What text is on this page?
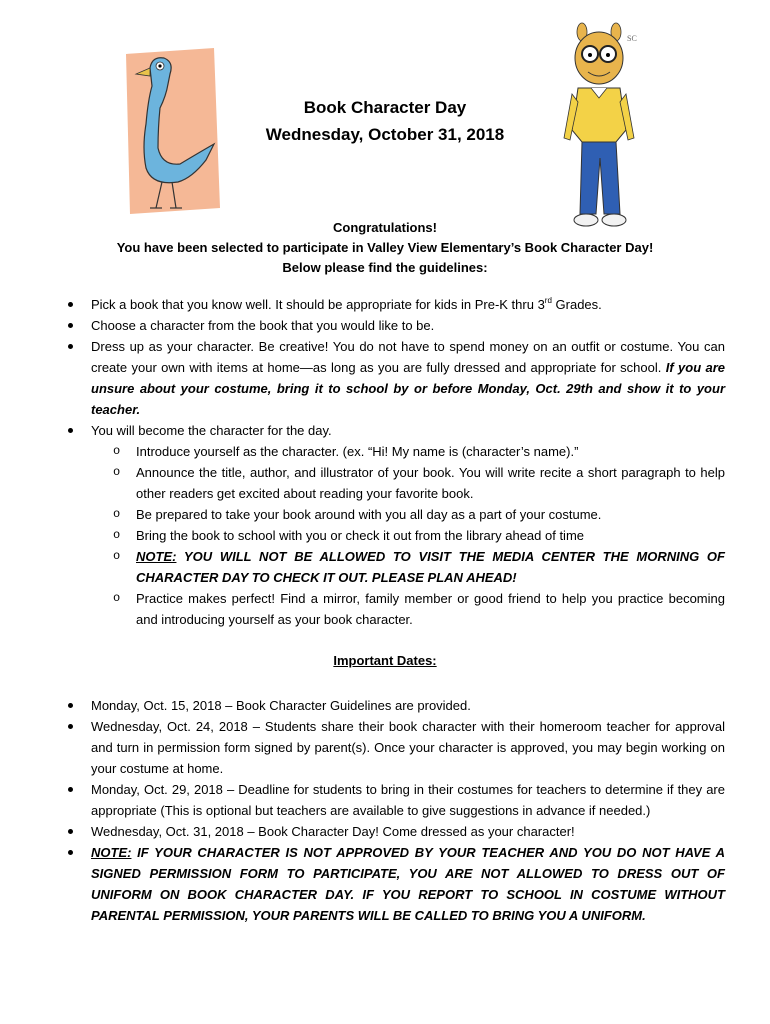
SC
Book Character Day
Wednesday, October 31, 2018
Congratulations!
You have been selected to participate in Valley View Elementary’s Book Character Day!
Below please find the guidelines:
Pick a book that you know well. It should be appropriate for kids in Pre-K thru 3rd Grades.
Choose a character from the book that you would like to be.
Dress up as your character. Be creative! You do not have to spend money on an outfit or costume. You can create your own with items at home—as long as you are fully dressed and appropriate for school. If you are unsure about your costume, bring it to school by or before Monday, Oct. 29th and show it to your teacher.
You will become the character for the day.
o Introduce yourself as the character. (ex. “Hi! My name is (character’s name).”
o Announce the title, author, and illustrator of your book. You will write recite a short paragraph to help other readers get excited about reading your favorite book.
o Be prepared to take your book around with you all day as a part of your costume.
o Bring the book to school with you or check it out from the library ahead of time
o NOTE: YOU WILL NOT BE ALLOWED TO VISIT THE MEDIA CENTER THE MORNING OF CHARACTER DAY TO CHECK IT OUT. PLEASE PLAN AHEAD!
o Practice makes perfect! Find a mirror, family member or good friend to help you practice becoming and introducing yourself as your book character.
Important Dates:
Monday, Oct. 15, 2018 – Book Character Guidelines are provided.
Wednesday, Oct. 24, 2018 – Students share their book character with their homeroom teacher for approval and turn in permission form signed by parent(s). Once your character is approved, you may begin working on your costume at home.
Monday, Oct. 29, 2018 – Deadline for students to bring in their costumes for teachers to determine if they are appropriate (This is optional but teachers are available to give suggestions in advance if needed.)
Wednesday, Oct. 31, 2018 – Book Character Day! Come dressed as your character!
NOTE: IF YOUR CHARACTER IS NOT APPROVED BY YOUR TEACHER AND YOU DO NOT HAVE A SIGNED PERMISSION FORM TO PARTICIPATE, YOU ARE NOT ALLOWED TO DRESS OUT OF UNIFORM ON BOOK CHARACTER DAY. IF YOU REPORT TO SCHOOL IN COSTUME WITHOUT PARENTAL PERMISSION, YOUR PARENTS WILL BE CALLED TO BRING YOU A UNIFORM.
